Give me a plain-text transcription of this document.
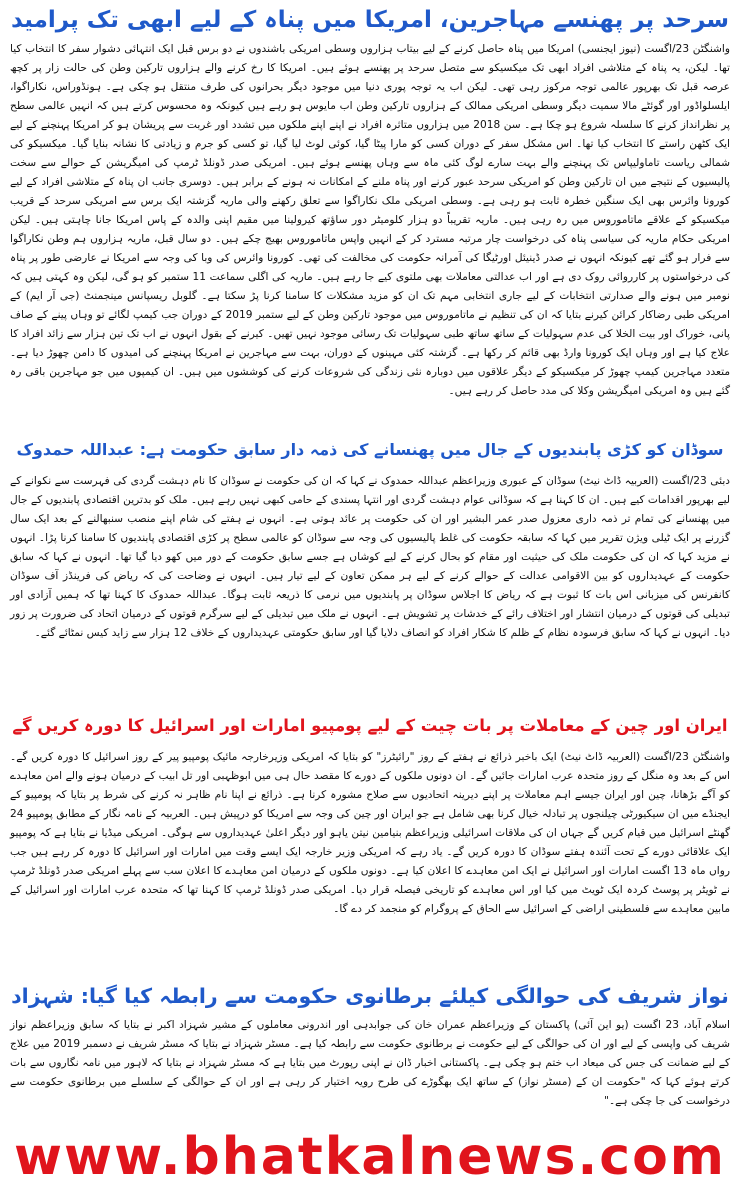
سرحد پر پھنسے مہاجرین، امریکا میں پناہ کے لیے ابھی تک پرامید

واشنگٹن 23/اگست (نیوز ایجنسی) امریکا میں پناہ حاصل کرنے کے لیے بیتاب ہزاروں وسطی امریکی باشندوں نے دو برس قبل ایک انتہائی دشوار سفر کا انتخاب کیا تھا۔ لیکن، یہ پناہ کے متلاشی افراد ابھی تک میکسیکو سے متصل سرحد پر پھنسے ہوئے ہیں۔ امریکا کا رخ کرنے والے ہزاروں تارکین وطن کی حالت زار پر کچھ عرصہ قبل تک بھرپور عالمی توجہ مرکوز رہی تھی۔ لیکن اب یہ توجہ پوری دنیا میں موجود دیگر بحرانوں کی طرف منتقل ہو چکی ہے۔ ہونڈوراس، نکاراگوا، ایلسلواڈور اور گوئٹے مالا سمیت دیگر وسطی امریکی ممالک کے ہزاروں تارکین وطن اب مایوس ہو رہے ہیں کیونکہ وہ محسوس کرتے ہیں کہ انہیں عالمی سطح پر نظرانداز کرنے کا سلسلہ شروع ہو چکا ہے۔ سن 2018 میں ہزاروں متاثرہ افراد نے اپنے اپنے ملکوں میں تشدد اور غربت سے پریشان ہو کر امریکا پہنچنے کے لیے ایک کٹھن راستے کا انتخاب کیا تھا۔ اس مشکل سفر کے دوران کسی کو مارا پیٹا گیا، کوئی لوٹ لیا گیا، تو کسی کو جرم و زیادتی کا نشانہ بنایا گیا۔ میکسیکو کی شمالی ریاست تاماولیپاس تک پہنچنے والے بہت سارے لوگ کئی ماہ سے وہاں پھنسے ہوئے ہیں۔ امریکی صدر ڈونلڈ ٹرمپ کی امیگریشن کے حوالے سے سخت پالیسیوں کے نتیجے میں ان تارکین وطن کو امریکی سرحد عبور کرنے اور پناہ ملنے کے امکانات نہ ہونے کے برابر ہیں۔ دوسری جانب ان پناہ کے متلاشی افراد کے لیے کورونا وائرس بھی ایک سنگین خطرہ ثابت ہو رہی ہے۔ وسطی امریکی ملک نکاراگوا سے تعلق رکھنے والی ماریہ گزشتہ ایک برس سے امریکی سرحد کے قریب میکسیکو کے علاقے ماتاموروس میں رہ رہی ہیں۔ ماریہ تقریباً دو ہزار کلومیٹر دور ساؤتھ کیرولینا میں مقیم اپنی والدہ کے پاس امریکا جانا چاہتی ہیں۔ لیکن امریکی حکام ماریہ کی سیاسی پناہ کی درخواست چار مرتبہ مسترد کر کے انہیں واپس ماتاموروس بھیج چکے ہیں۔ دو سال قبل، ماریہ ہزاروں ہم وطن نکاراگوا سے فرار ہو گئے تھے کیونکہ انہوں نے صدر ڈینیئل اورٹیگا کی آمرانہ حکومت کی مخالفت کی تھی۔ کورونا وائرس کی وبا کی وجہ سے امریکا نے عارضی طور پر پناہ کی درخواستوں پر کارروائی روک دی ہے اور اب عدالتی معاملات بھی ملتوی کیے جا رہے ہیں۔ ماریہ کی اگلی سماعت 11 ستمبر کو ہو گی، لیکن وہ کہتی ہیں کہ نومبر میں ہونے والے صدارتی انتخابات کے لیے جاری انتخابی مہم تک ان کو مزید مشکلات کا سامنا کرنا پڑ سکتا ہے۔ گلوبل ریسپانس مینجمنٹ (جی آر ایم) کے امریکی طبی رضاکار کرائن کیرنے بتایا کہ ان کی تنظیم نے ماتاموروس میں موجود تارکین وطن کے لیے ستمبر 2019 کے دوران جب کیمپ لگائے تو وہاں پینے کے صاف پانی، خوراک اور بیت الخلا کی عدم سہولیات کے ساتھ ساتھ طبی سہولیات تک رسائی موجود نہیں تھیں۔ کیرنے کے بقول انہوں نے اب تک تین ہزار سے زائد افراد کا علاج کیا ہے اور وہاں ایک کورونا وارڈ بھی قائم کر رکھا ہے۔ گزشتہ کئی مہینوں کے دوران، بہت سے مہاجرین نے امریکا پہنچنے کی امیدوں کا دامن چھوڑ دیا ہے۔ متعدد مہاجرین کیمپ چھوڑ کر میکسیکو کے دیگر علاقوں میں دوبارہ نئی زندگی کی شروعات کرنے کی کوششوں میں ہیں۔ ان کیمپوں میں جو مہاجرین باقی رہ گئے ہیں وہ امریکی امیگریشن وکلا کی مدد حاصل کر رہے ہیں۔

سوڈان کو کڑی پابندیوں کے جال میں پھنسانے کی ذمہ دار سابق حکومت ہے: عبداللہ حمدوک

دبئی 23/اگست (العربیہ ڈاٹ نیٹ) سوڈان کے عبوری وزیراعظم عبداللہ حمدوک نے کہا کہ ان کی حکومت نے سوڈان کا نام دہشت گردی کی فہرست سے نکوانے کے لیے بھرپور اقدامات کیے ہیں۔ ان کا کہنا ہے کہ سوڈانی عوام دہشت گردی اور انتہا پسندی کے حامی کبھی نہیں رہے ہیں۔ ملک کو بدترین اقتصادی پابندیوں کے جال میں پھنسانے کی تمام تر ذمہ داری معزول صدر عمر البشیر اور ان کی حکومت پر عائد ہوتی ہے۔ انہوں نے ہفتے کی شام اپنے منصب سنبھالنے کے بعد ایک سال گزرنے پر ایک ٹیلی ویژن تقریر میں کہا کہ سابقہ حکومت کی غلط پالیسیوں کی وجہ سے سوڈان کو عالمی سطح پر کڑی اقتصادی پابندیوں کا سامنا کرنا پڑا۔ انہوں نے مزید کہا کہ ان کی حکومت ملک کی حیثیت اور مقام کو بحال کرنے کے لیے کوشاں ہے جسے سابق حکومت کے دور میں کھو دیا گیا تھا۔ انہوں نے کہا کہ سابق حکومت کے عہدیداروں کو بین الاقوامی عدالت کے حوالے کرنے کے لیے ہر ممکن تعاون کے لیے تیار ہیں۔ انہوں نے وضاحت کی کہ ریاض کی فرینڈز آف سوڈان کانفرنس کی میزبانی اس بات کا ثبوت ہے کہ ریاض کا اجلاس سوڈان پر پابندیوں میں نرمی کا ذریعہ ثابت ہوگا۔ عبداللہ حمدوک کا کہنا تھا کہ ہمیں آزادی اور تبدیلی کی قوتوں کے درمیان انتشار اور اختلاف رائے کے خدشات پر تشویش ہے۔ انہوں نے ملک میں تبدیلی کے لیے سرگرم قوتوں کے درمیان اتحاد کی ضرورت پر زور دیا۔ انہوں نے کہا کہ سابق فرسودہ نظام کے ظلم کا شکار افراد کو انصاف دلایا گیا اور سابق حکومتی عہدیداروں کے خلاف 12 ہزار سے زاید کیس نمٹائے گئے۔

ایران اور چین کے معاملات پر بات چیت کے لیے پومپیو امارات اور اسرائیل کا دورہ کریں گے

واشنگٹن 23/اگست (العربیہ ڈاٹ نیٹ) ایک باخبر ذرائع نے ہفتے کے روز "رائیٹرز" کو بتایا کہ امریکی وزیرخارجہ مائیک پومپیو پیر کے روز اسرائیل کا دورہ کریں گے۔ اس کے بعد وہ منگل کے روز متحدہ عرب امارات جائیں گے۔ ان دونوں ملکوں کے دورے کا مقصد حال ہی میں ابوظہبی اور تل ابیب کے درمیان ہونے والے امن معاہدے کو آگے بڑھانا، چین اور ایران جیسے اہم معاملات پر اپنے دیرینہ اتحادیوں سے صلاح مشورہ کرنا ہے۔ ذرائع نے اپنا نام ظاہر نہ کرنے کی شرط پر بتایا کہ پومپیو کے ایجنڈے میں ان سیکیورٹی چیلنجوں پر تبادلہ خیال کرنا بھی شامل ہے جو ایران اور چین کی وجہ سے امریکا کو درپیش ہیں۔ العربیہ کے نامہ نگار کے مطابق پومپیو 24 گھنٹے اسرائیل میں قیام کریں گے جہاں ان کی ملاقات اسرائیلی وزیراعظم بنیامین نیتن یاہو اور دیگر اعلیٰ عہدیداروں سے ہوگی۔ امریکی میڈیا نے بتایا ہے کہ پومپیو ایک علاقائی دورے کے تحت آئندہ ہفتے سوڈان کا دورہ کریں گے۔ یاد رہے کہ امریکی وزیر خارجہ ایک ایسے وقت میں امارات اور اسرائیل کا دورہ کر رہے ہیں جب رواں ماہ 13 اگست امارات اور اسرائیل نے ایک امن معاہدے کا اعلان کیا ہے۔ دونوں ملکوں کے درمیان امن معاہدے کا اعلان سب سے پہلے امریکی صدر ڈونلڈ ٹرمپ نے ٹویٹر پر پوسٹ کردہ ایک ٹویٹ میں کیا اور اس معاہدے کو تاریخی فیصلہ قرار دیا۔ امریکی صدر ڈونلڈ ٹرمپ کا کہنا تھا کہ متحدہ عرب امارات اور اسرائیل کے مابین معاہدے سے فلسطینی اراضی کے اسرائیل سے الحاق کے پروگرام کو منجمد کر دے گا۔

نواز شریف کی حوالگی کیلئے برطانوی حکومت سے رابطہ کیا گیا: شہزاد

اسلام آباد، 23 اگست (یو این آئی) پاکستان کے وزیراعظم عمران خان کی جوابدہی اور اندرونی معاملوں کے مشیر شہزاد اکبر نے بتایا کہ سابق وزیراعظم نواز شریف کی واپسی کے لیے اور ان کی حوالگی کے لیے حکومت نے برطانوی حکومت سے رابطہ کیا ہے۔ مسٹر شہزاد نے بتایا کہ مسٹر شریف نے دسمبر 2019 میں علاج کے لیے ضمانت کی جس کی میعاد اب ختم ہو چکی ہے۔ پاکستانی اخبار ڈان نے اپنی رپورٹ میں بتایا ہے کہ مسٹر شہزاد نے بتایا کہ لاہور میں نامہ نگاروں سے بات کرتے ہوئے کہا کہ "حکومت ان کے (مسٹر نواز) کے ساتھ ایک بھگوڑے کی طرح رویہ اختیار کر رہی ہے اور ان کے حوالگی کے سلسلے میں برطانوی حکومت سے درخواست کی جا چکی ہے۔"

www.bhatkalnews.com
